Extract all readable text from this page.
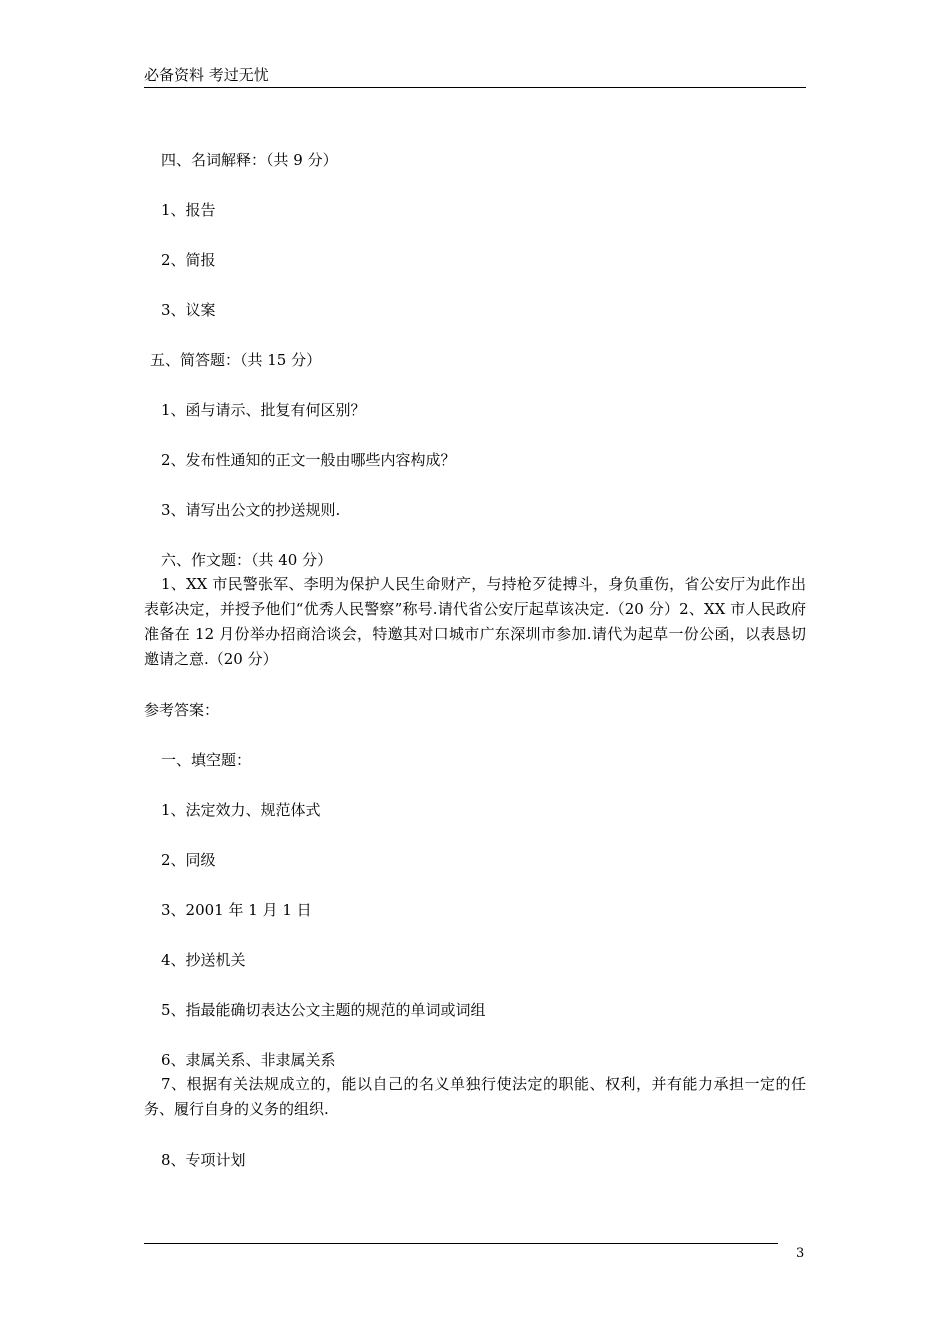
必备资料 考过无忧

四、名词解释：（共 9 分）

1、报告

2、简报

3、议案

五、简答题：（共 15 分）

1、函与请示、批复有何区别？

2、发布性通知的正文一般由哪些内容构成？

3、请写出公文的抄送规则.

六、作文题：（共 40 分）

1、XX 市民警张军、李明为保护人民生命财产，与持枪歹徒搏斗，身负重伤，省公安厅为此作出表彰决定，并授予他们“优秀人民警察”称号.请代省公安厅起草该决定.（20 分）2、XX 市人民政府准备在 12 月份举办招商洽谈会，特邀其对口城市广东深圳市参加.请代为起草一份公函，以表恳切邀请之意.（20 分）

参考答案：

一、填空题：

1、法定效力、规范体式

2、同级

3、2001 年 1 月 1 日

4、抄送机关

5、指最能确切表达公文主题的规范的单词或词组

6、隶属关系、非隶属关系

7、根据有关法规成立的，能以自己的名义单独行使法定的职能、权利，并有能力承担一定的任务、履行自身的义务的组织.

8、专项计划

3
